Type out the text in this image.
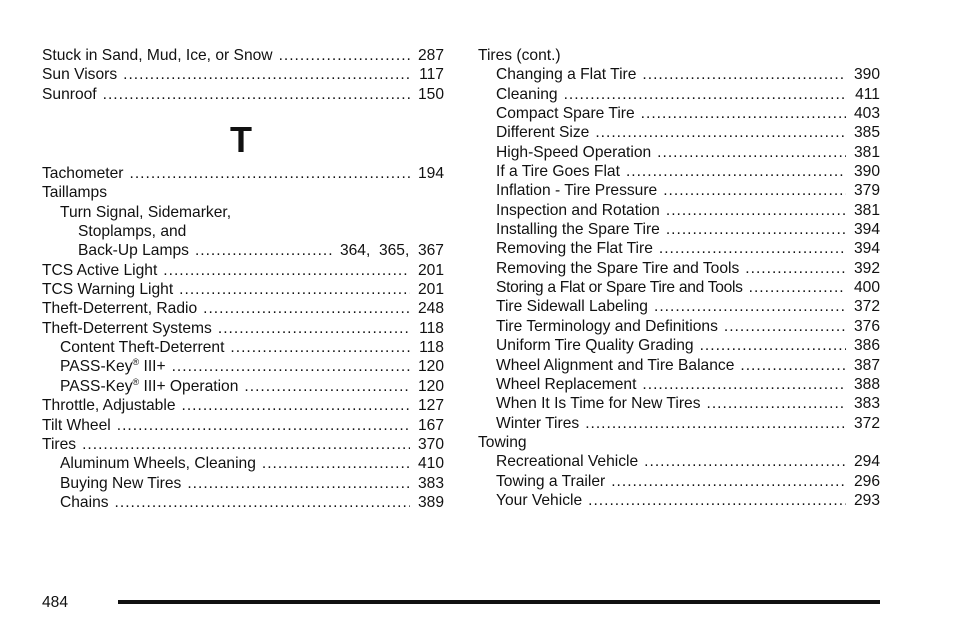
Stuck in Sand, Mud, Ice, or Snow .....	287
Sun Visors .....	117
Sunroof .....	150
T
Tachometer .....	194
Taillamps
Turn Signal, Sidemarker,
Stoplamps, and
Back-Up Lamps .....	364,  365,  367
TCS Active Light .....	201
TCS Warning Light .....	201
Theft-Deterrent, Radio .....	248
Theft-Deterrent Systems .....	118
Content Theft-Deterrent .....	118
PASS-Key® III+ .....	120
PASS-Key® III+ Operation .....	120
Throttle, Adjustable .....	127
Tilt Wheel .....	167
Tires .....	370
Aluminum Wheels, Cleaning .....	410
Buying New Tires .....	383
Chains .....	389
Tires (cont.)
Changing a Flat Tire .....	390
Cleaning .....	411
Compact Spare Tire .....	403
Different Size .....	385
High-Speed Operation .....	381
If a Tire Goes Flat .....	390
Inflation - Tire Pressure .....	379
Inspection and Rotation .....	381
Installing the Spare Tire .....	394
Removing the Flat Tire .....	394
Removing the Spare Tire and Tools .....	392
Storing a Flat or Spare Tire and Tools .....	400
Tire Sidewall Labeling .....	372
Tire Terminology and Definitions .....	376
Uniform Tire Quality Grading .....	386
Wheel Alignment and Tire Balance .....	387
Wheel Replacement .....	388
When It Is Time for New Tires .....	383
Winter Tires .....	372
Towing
Recreational Vehicle .....	294
Towing a Trailer .....	296
Your Vehicle .....	293
484
